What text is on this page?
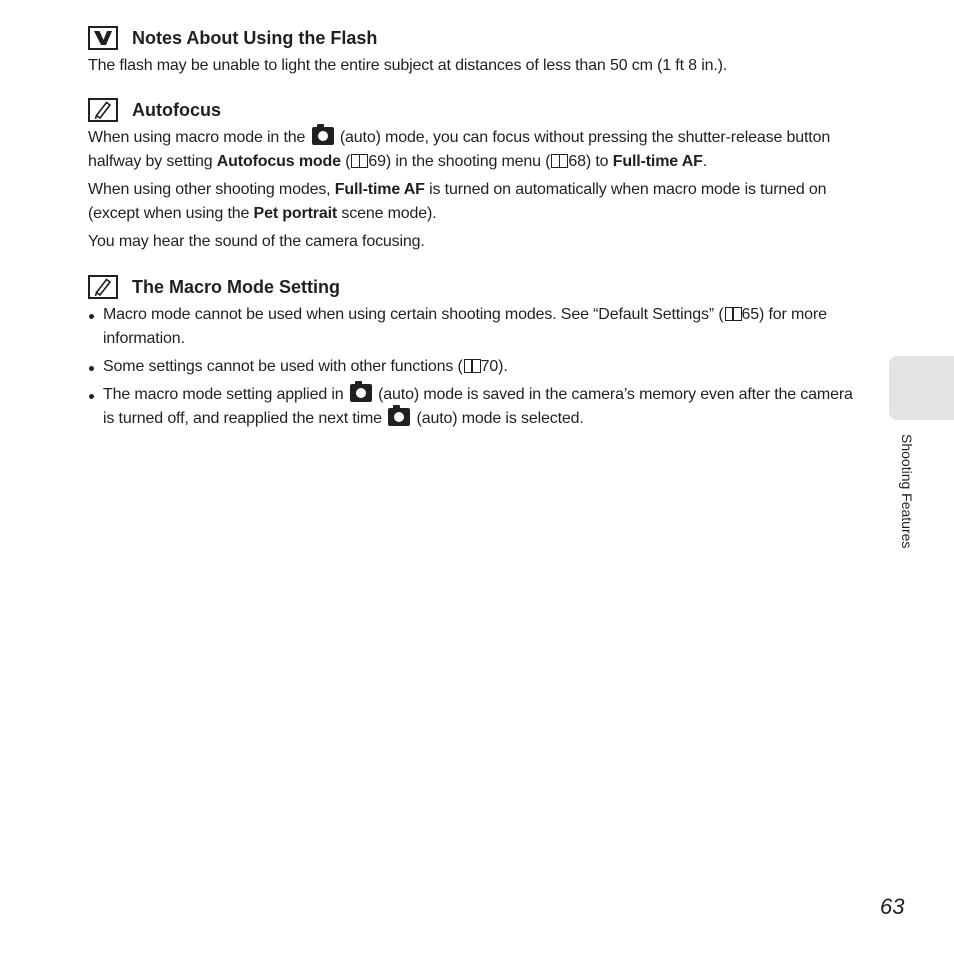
Notes About Using the Flash

The flash may be unable to light the entire subject at distances of less than 50 cm (1 ft 8 in.).

Autofocus

When using macro mode in the (auto) mode, you can focus without pressing the shutter-release button halfway by setting Autofocus mode ( 69) in the shooting menu ( 68) to Full-time AF.

When using other shooting modes, Full-time AF is turned on automatically when macro mode is turned on (except when using the Pet portrait scene mode).

You may hear the sound of the camera focusing.

The Macro Mode Setting
Macro mode cannot be used when using certain shooting modes. See “Default Settings” ( 65) for more information.
Some settings cannot be used with other functions ( 70).
The macro mode setting applied in (auto) mode is saved in the camera’s memory even after the camera is turned off, and reapplied the next time (auto) mode is selected.
Shooting Features
63
